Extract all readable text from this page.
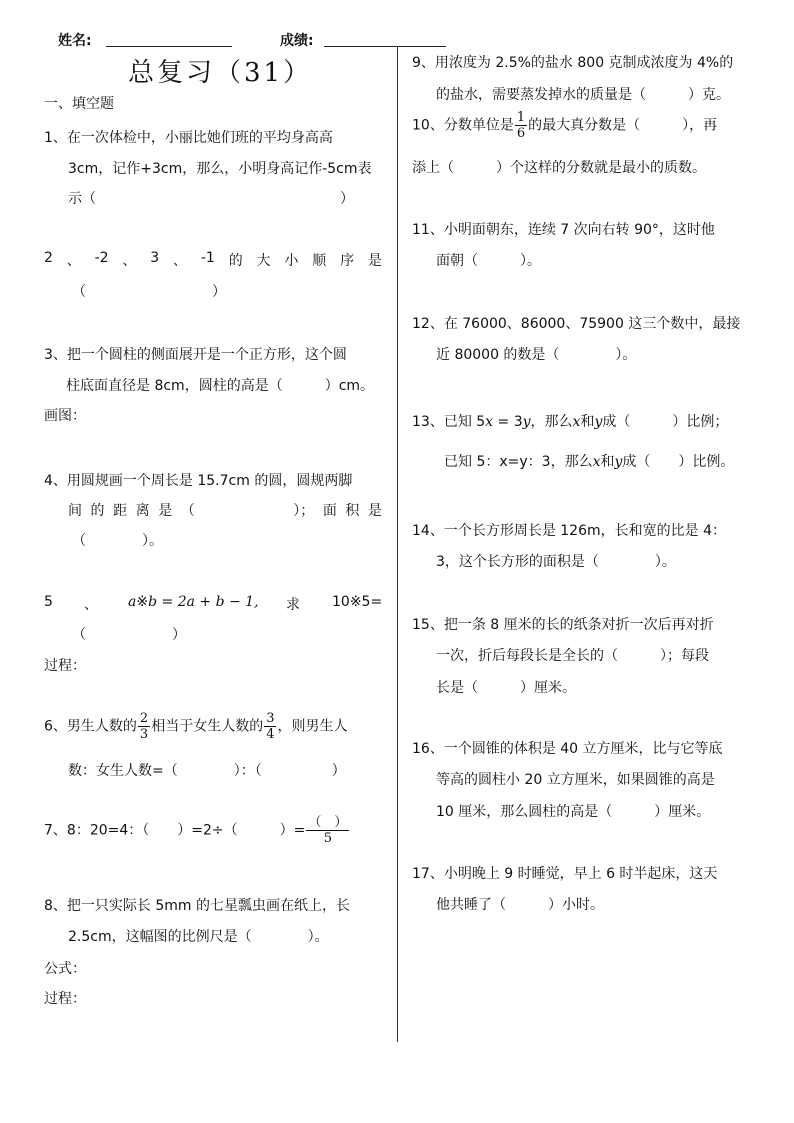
姓名:	成绩:
总复习（31）
一、填空题
1、在一次体检中，小丽比她们班的平均身高高
3cm，记作+3cm，那么，小明身高记作-5cm表
示（	）
2 、 -2 、 3 、 -1 的 大 小 顺 序 是
（	）
3、把一个圆柱的侧面展开是一个正方形，这个圆
柱底面直径是 8cm，圆柱的高是（　　　）cm。
画图：
4、用圆规画一个周长是 15.7cm 的圆，圆规两脚
间 的 距 离 是 （	）； 面 积 是
（　　　　）。
5 、 a※b = 2a + b − 1, 求 10※5=
（	）
过程：
6、男生人数的 $\frac{2}{3}$ 相当于女生人数的 $\frac{3}{4}$ ，则男生人
数：女生人数=（　　　　）：（　　　　　）
7、8：20=4：（　　）=2÷（　　　）= $\frac{( )}{5}$
8、把一只实际长 5mm 的七星瓢虫画在纸上，长
2.5cm，这幅图的比例尺是（　　　　）。
公式：
过程：
9、用浓度为 2.5%的盐水 800 克制成浓度为 4%的
的盐水，需要蒸发掉水的质量是（　　　）克。
10、分数单位是 $\frac{1}{6}$ 的最大真分数是（　　　），再
添上（　　　）个这样的分数就是最小的质数。
11、小明面朝东，连续 7 次向右转 90°，这时他
面朝（　　　）。
12、在 76000、86000、75900 这三个数中，最接
近 80000 的数是（　　　　）。
13、已知 5x = 3y，那么x和y成（　　　）比例；
已知 5：x=y：3，那么x和y成（　　）比例。
14、一个长方形周长是 126m，长和宽的比是 4：
3，这个长方形的面积是（　　　　）。
15、把一条 8 厘米的长的纸条对折一次后再对折
一次，折后每段长是全长的（　　　）；每段
长是（　　　）厘米。
16、一个圆锥的体积是 40 立方厘米，比与它等底
等高的圆柱小 20 立方厘米，如果圆锥的高是
10 厘米，那么圆柱的高是（　　　）厘米。
17、小明晚上 9 时睡觉，早上 6 时半起床，这天
他共睡了（　　　）小时。
